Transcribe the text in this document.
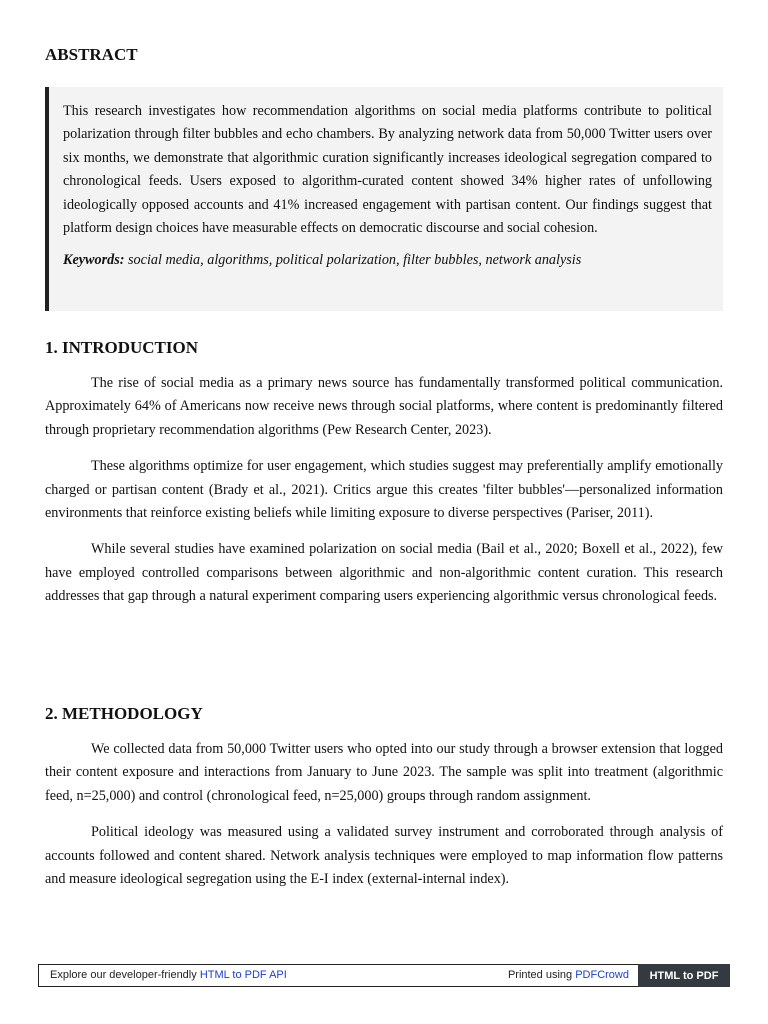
ABSTRACT

This research investigates how recommendation algorithms on social media platforms contribute to political polarization through filter bubbles and echo chambers. By analyzing network data from 50,000 Twitter users over six months, we demonstrate that algorithmic curation significantly increases ideological segregation compared to chronological feeds. Users exposed to algorithm-curated content showed 34% higher rates of unfollowing ideologically opposed accounts and 41% increased engagement with partisan content. Our findings suggest that platform design choices have measurable effects on democratic discourse and social cohesion.

Keywords: social media, algorithms, political polarization, filter bubbles, network analysis
1. INTRODUCTION

The rise of social media as a primary news source has fundamentally transformed political communication. Approximately 64% of Americans now receive news through social platforms, where content is predominantly filtered through proprietary recommendation algorithms (Pew Research Center, 2023).

These algorithms optimize for user engagement, which studies suggest may preferentially amplify emotionally charged or partisan content (Brady et al., 2021). Critics argue this creates 'filter bubbles'—personalized information environments that reinforce existing beliefs while limiting exposure to diverse perspectives (Pariser, 2011).

While several studies have examined polarization on social media (Bail et al., 2020; Boxell et al., 2022), few have employed controlled comparisons between algorithmic and non-algorithmic content curation. This research addresses that gap through a natural experiment comparing users experiencing algorithmic versus chronological feeds.

2. METHODOLOGY

We collected data from 50,000 Twitter users who opted into our study through a browser extension that logged their content exposure and interactions from January to June 2023. The sample was split into treatment (algorithmic feed, n=25,000) and control (chronological feed, n=25,000) groups through random assignment.

Political ideology was measured using a validated survey instrument and corroborated through analysis of accounts followed and content shared. Network analysis techniques were employed to map information flow patterns and measure ideological segregation using the E-I index (external-internal index).

Explore our developer-friendly HTML to PDF API	Printed using PDFCrowd	HTML to PDF
